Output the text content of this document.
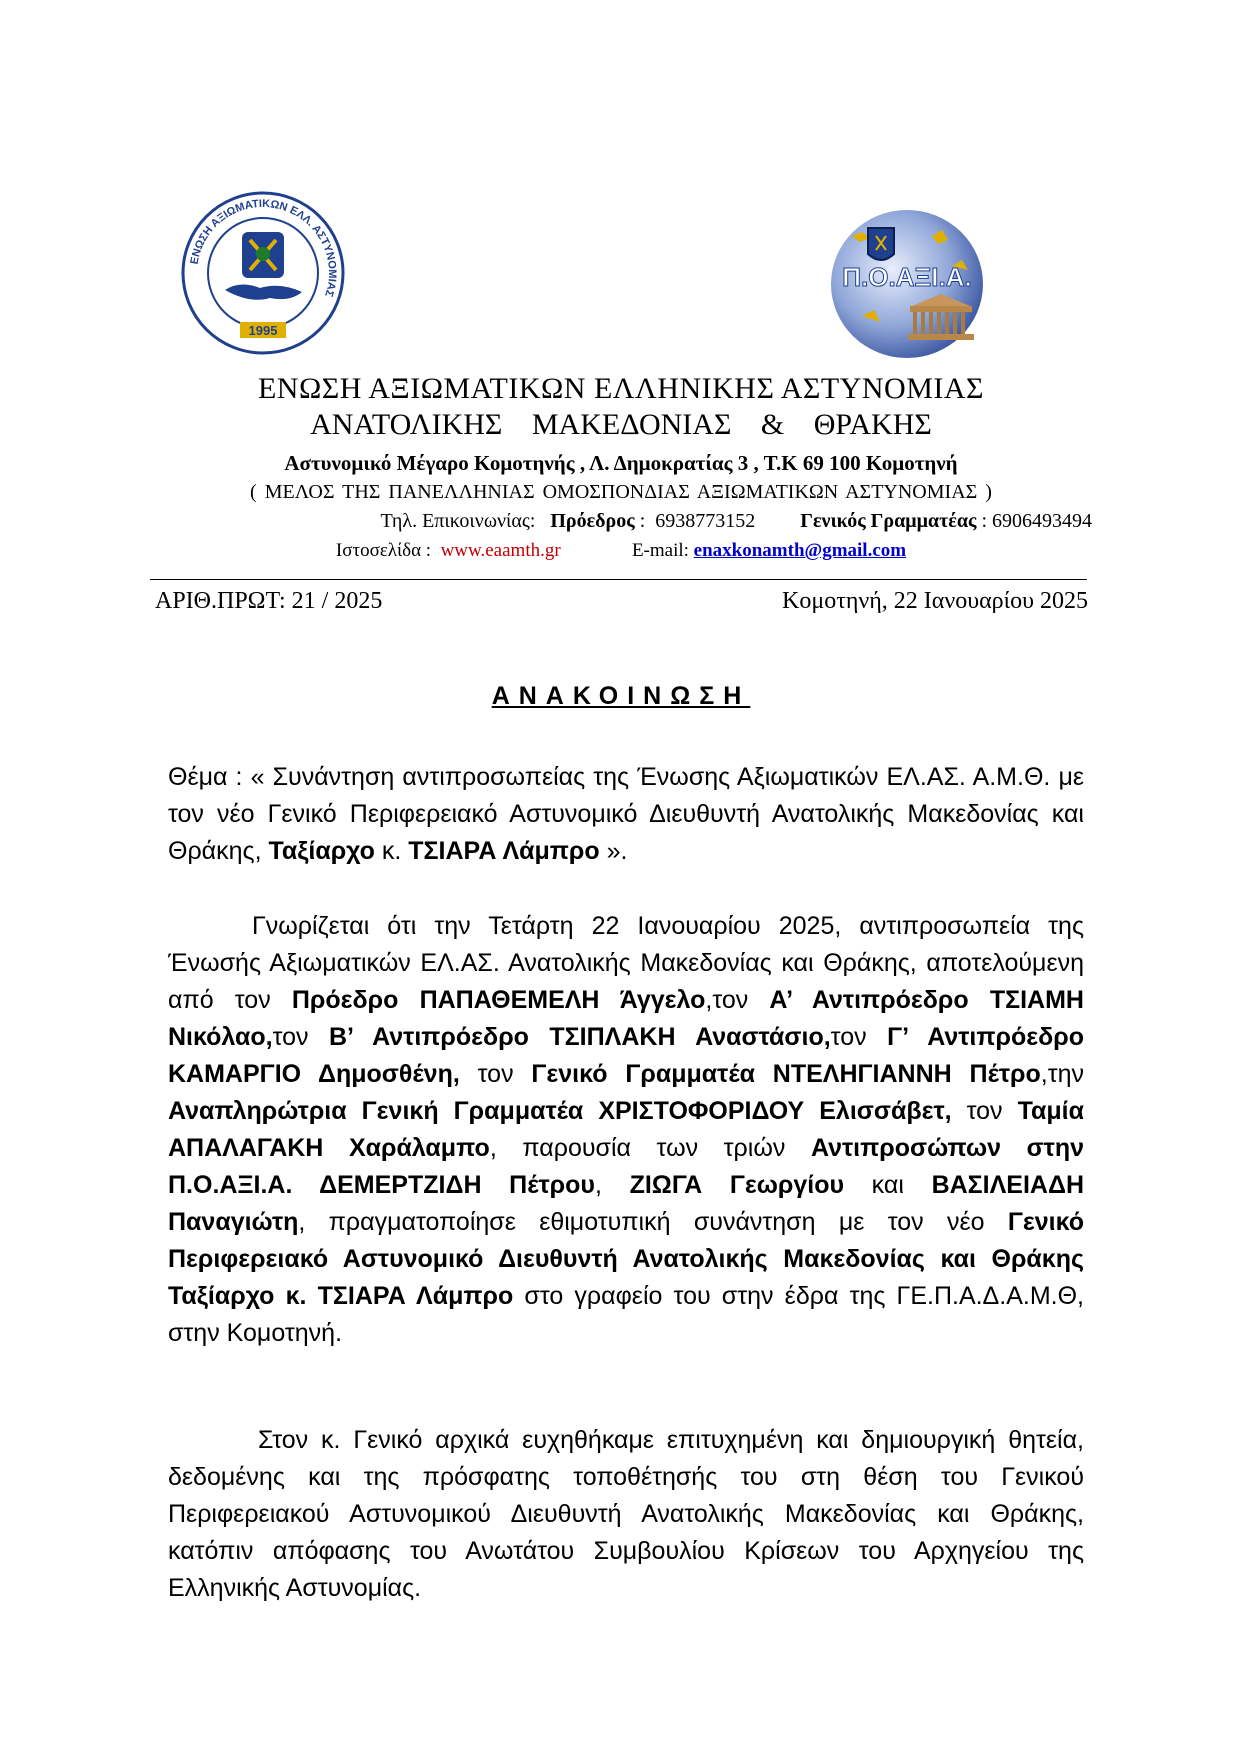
ΕΝΩΣΗ ΑΞΙΩΜΑΤΙΚΩΝ ΕΛΛ. ΑΣΤΥΝΟΜΙΑΣ
1995
Π.Ο.ΑΞΙ.Α.
ΕΝΩΣΗ ΑΞΙΩΜΑΤΙΚΩΝ ΕΛΛΗΝΙΚΗΣ ΑΣΤΥΝΟΜΙΑΣ
ΑΝΑΤΟΛΙΚΗΣ ΜΑΚΕΔΟΝΙΑΣ & ΘΡΑΚΗΣ
Αστυνομικό Μέγαρο Κομοτηνής , Λ. Δημοκρατίας 3 , Τ.Κ 69 100 Κομοτηνή
( ΜΕΛΟΣ ΤΗΣ ΠΑΝΕΛΛΗΝΙΑΣ ΟΜΟΣΠΟΝΔΙΑΣ ΑΞΙΩΜΑΤΙΚΩΝ ΑΣΤΥΝΟΜΙΑΣ )
Τηλ. Επικοινωνίας: Πρόεδρος :  6938773152 Γενικός Γραμματέας : 6906493494
Ιστοσελίδα : www.eaamth.gr	E-mail: enaxkonamth@gmail.com
ΑΡΙΘ.ΠΡΩΤ: 21 / 2025	Κομοτηνή, 22 Ιανουαρίου 2025
ΑΝΑΚΟΙΝΩΣΗ
Θέμα : « Συνάντηση αντιπροσωπείας της Ένωσης Αξιωματικών ΕΛ.ΑΣ. Α.Μ.Θ. με τον νέο Γενικό Περιφερειακό Αστυνομικό Διευθυντή Ανατολικής Μακεδονίας και Θράκης, Ταξίαρχο κ. ΤΣΙΑΡΑ Λάμπρο ».
Γνωρίζεται ότι την Τετάρτη 22 Ιανουαρίου 2025, αντιπροσωπεία της Ένωσής Αξιωματικών ΕΛ.ΑΣ. Ανατολικής Μακεδονίας και Θράκης, αποτελούμενη από τον Πρόεδρο ΠΑΠΑΘΕΜΕΛΗ Άγγελο,τον Α’ Αντιπρόεδρο ΤΣΙΑΜΗ Νικόλαο,τον Β’ Αντιπρόεδρο ΤΣΙΠΛΑΚΗ Αναστάσιο,τον Γ’ Αντιπρόεδρο ΚΑΜΑΡΓΙΟ Δημοσθένη, τον Γενικό Γραμματέα ΝΤΕΛΗΓΙΑΝΝΗ Πέτρο,την Αναπληρώτρια Γενική Γραμματέα ΧΡΙΣΤΟΦΟΡΙΔΟΥ Ελισσάβετ, τον Ταμία ΑΠΑΛΑΓΑΚΗ Χαράλαμπο, παρουσία των τριών Αντιπροσώπων στην Π.Ο.ΑΞΙ.Α. ΔΕΜΕΡΤΖΙΔΗ Πέτρου, ΖΙΩΓΑ Γεωργίου και ΒΑΣΙΛΕΙΑΔΗ Παναγιώτη, πραγματοποίησε εθιμοτυπική συνάντηση με τον νέο Γενικό Περιφερειακό Αστυνομικό Διευθυντή Ανατολικής Μακεδονίας και Θράκης Ταξίαρχο κ. ΤΣΙΑΡΑ Λάμπρο στο γραφείο του στην έδρα της ΓΕ.Π.Α.Δ.Α.Μ.Θ, στην Κομοτηνή.
Στον κ. Γενικό αρχικά ευχηθήκαμε επιτυχημένη και δημιουργική θητεία, δεδομένης και της πρόσφατης τοποθέτησής του στη θέση του Γενικού Περιφερειακού Αστυνομικού Διευθυντή Ανατολικής Μακεδονίας και Θράκης, κατόπιν απόφασης του Ανωτάτου Συμβουλίου Κρίσεων του Αρχηγείου της Ελληνικής Αστυνομίας.
